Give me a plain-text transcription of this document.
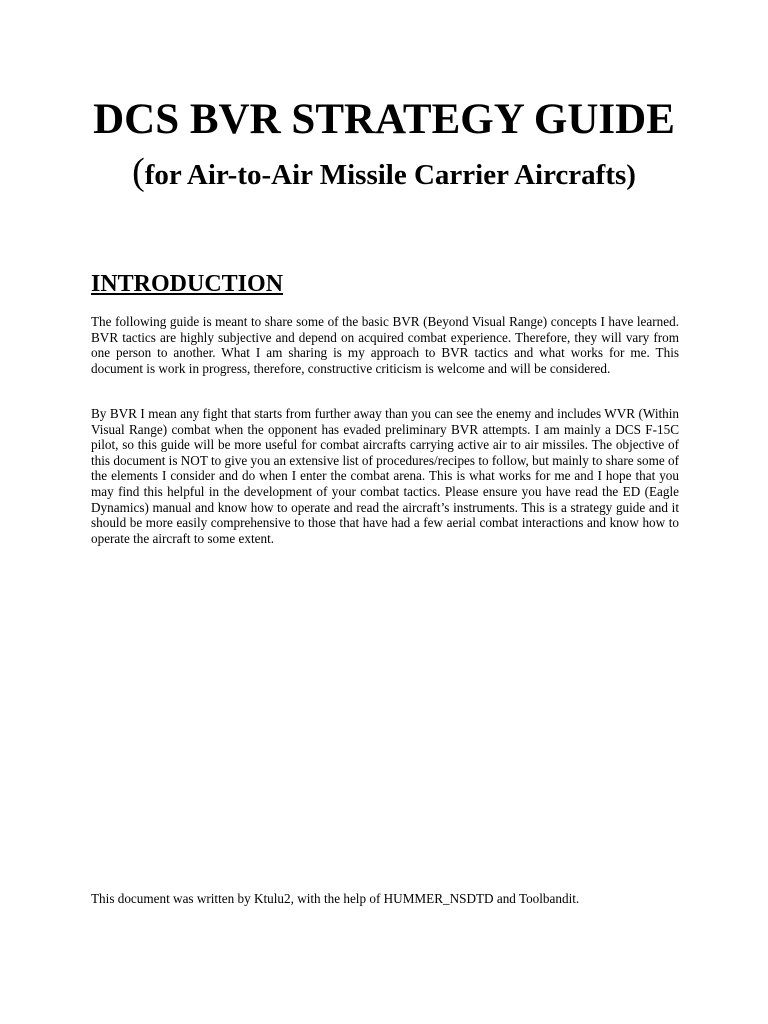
DCS BVR STRATEGY GUIDE
(for Air-to-Air Missile Carrier Aircrafts)
INTRODUCTION

The following guide is meant to share some of the basic BVR (Beyond Visual Range) concepts I have learned. BVR tactics are highly subjective and depend on acquired combat experience. Therefore, they will vary from one person to another. What I am sharing is my approach to BVR tactics and what works for me. This document is work in progress, therefore, constructive criticism is welcome and will be considered.

By BVR I mean any fight that starts from further away than you can see the enemy and includes WVR (Within Visual Range) combat when the opponent has evaded preliminary BVR attempts. I am mainly a DCS F-15C pilot, so this guide will be more useful for combat aircrafts carrying active air to air missiles. The objective of this document is NOT to give you an extensive list of procedures/recipes to follow, but mainly to share some of the elements I consider and do when I enter the combat arena. This is what works for me and I hope that you may find this helpful in the development of your combat tactics. Please ensure you have read the ED (Eagle Dynamics) manual and know how to operate and read the aircraft’s instruments. This is a strategy guide and it should be more easily comprehensive to those that have had a few aerial combat interactions and know how to operate the aircraft to some extent.

This document was written by Ktulu2, with the help of HUMMER_NSDTD and Toolbandit.
